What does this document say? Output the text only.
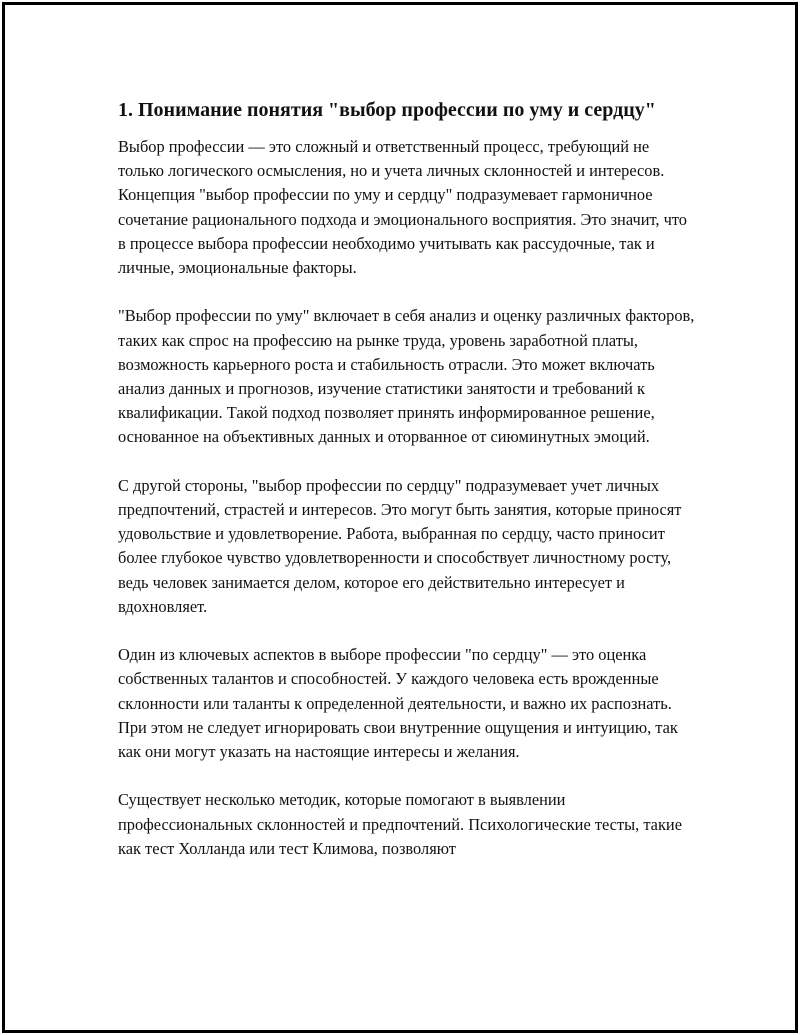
1. Понимание понятия "выбор профессии по уму и сердцу"

Выбор профессии — это сложный и ответственный процесс, требующий не только логического осмысления, но и учета личных склонностей и интересов. Концепция "выбор профессии по уму и сердцу" подразумевает гармоничное сочетание рационального подхода и эмоционального восприятия. Это значит, что в процессе выбора профессии необходимо учитывать как рассудочные, так и личные, эмоциональные факторы.

"Выбор профессии по уму" включает в себя анализ и оценку различных факторов, таких как спрос на профессию на рынке труда, уровень заработной платы, возможность карьерного роста и стабильность отрасли. Это может включать анализ данных и прогнозов, изучение статистики занятости и требований к квалификации. Такой подход позволяет принять информированное решение, основанное на объективных данных и оторванное от сиюминутных эмоций.

С другой стороны, "выбор профессии по сердцу" подразумевает учет личных предпочтений, страстей и интересов. Это могут быть занятия, которые приносят удовольствие и удовлетворение. Работа, выбранная по сердцу, часто приносит более глубокое чувство удовлетворенности и способствует личностному росту, ведь человек занимается делом, которое его действительно интересует и вдохновляет.

Один из ключевых аспектов в выборе профессии "по сердцу" — это оценка собственных талантов и способностей. У каждого человека есть врожденные склонности или таланты к определенной деятельности, и важно их распознать. При этом не следует игнорировать свои внутренние ощущения и интуицию, так как они могут указать на настоящие интересы и желания.

Существует несколько методик, которые помогают в выявлении профессиональных склонностей и предпочтений. Психологические тесты, такие как тест Холланда или тест Климова, позволяют
